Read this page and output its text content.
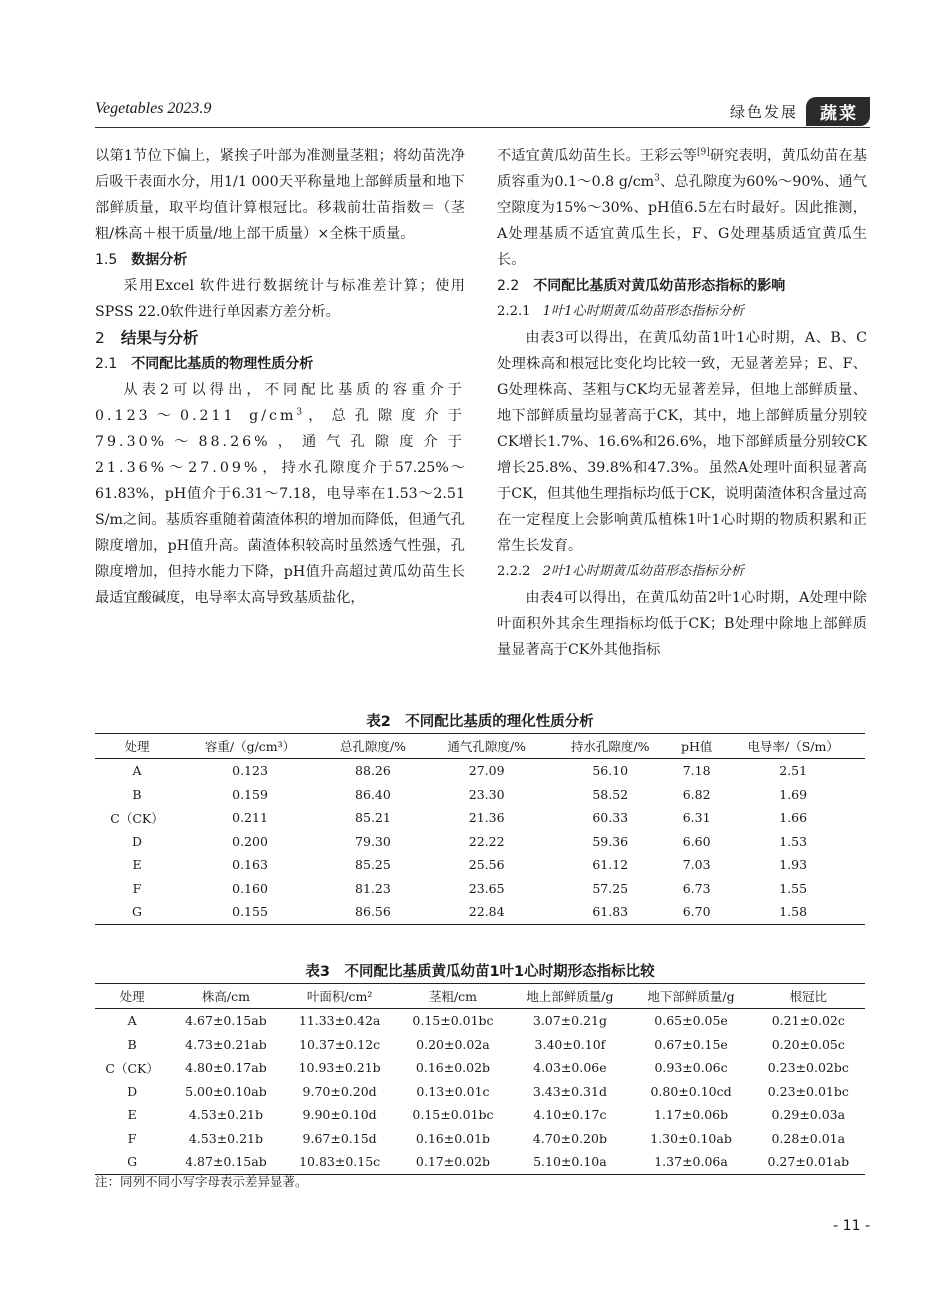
Vegetables 2023.9	绿色发展	蔬菜

以第1节位下偏上，紧挨子叶部为准测量茎粗；将幼苗洗净后吸干表面水分，用1/1 000天平称量地上部鲜质量和地下部鲜质量，取平均值计算根冠比。移栽前壮苗指数＝（茎粗/株高＋根干质量/地上部干质量）×全株干质量。

1.5 数据分析

采用Excel 软件进行数据统计与标准差计算；使用SPSS 22.0软件进行单因素方差分析。

2 结果与分析

2.1 不同配比基质的物理性质分析

从表2可以得出，不同配比基质的容重介于0.123～0.211 $g/cm^3$，总孔隙度介于79.30%～88.26%，通气孔隙度介于21.36%～27.09%，持水孔隙度介于57.25%～61.83%，pH值介于6.31～7.18，电导率在1.53～2.51 S/m之间。基质容重随着菌渣体积的增加而降低，但通气孔隙度增加，pH值升高。菌渣体积较高时虽然透气性强，孔隙度增加，但持水能力下降，pH值升高超过黄瓜幼苗生长最适宜酸碱度，电导率太高导致基质盐化，

不适宜黄瓜幼苗生长。王彩云等[9]研究表明，黄瓜幼苗在基质容重为0.1～0.8 $g/cm^3$、总孔隙度为60%～90%、通气空隙度为15%～30%、pH值6.5左右时最好。因此推测，A处理基质不适宜黄瓜生长，F、G处理基质适宜黄瓜生长。

2.2 不同配比基质对黄瓜幼苗形态指标的影响

2.2.1 1叶1心时期黄瓜幼苗形态指标分析

由表3可以得出，在黄瓜幼苗1叶1心时期，A、B、C处理株高和根冠比变化均比较一致，无显著差异；E、F、G处理株高、茎粗与CK均无显著差异，但地上部鲜质量、地下部鲜质量均显著高于CK，其中，地上部鲜质量分别较CK增长1.7%、16.6%和26.6%，地下部鲜质量分别较CK增长25.8%、39.8%和47.3%。虽然A处理叶面积显著高于CK，但其他生理指标均低于CK，说明菌渣体积含量过高在一定程度上会影响黄瓜植株1叶1心时期的物质积累和正常生长发育。

2.2.2 2叶1心时期黄瓜幼苗形态指标分析

由表4可以得出，在黄瓜幼苗2叶1心时期，A处理中除叶面积外其余生理指标均低于CK；B处理中除地上部鲜质量显著高于CK外其他指标

表2　不同配比基质的理化性质分析
处理	容重/（g/cm³）	总孔隙度/%	通气孔隙度/%	持水孔隙度/%	pH值	电导率/（S/m）
A	0.123	88.26	27.09	56.10	7.18	2.51
B	0.159	86.40	23.30	58.52	6.82	1.69
C（CK）	0.211	85.21	21.36	60.33	6.31	1.66
D	0.200	79.30	22.22	59.36	6.60	1.53
E	0.163	85.25	25.56	61.12	7.03	1.93
F	0.160	81.23	23.65	57.25	6.73	1.55
G	0.155	86.56	22.84	61.83	6.70	1.58
表3　不同配比基质黄瓜幼苗1叶1心时期形态指标比较
处理	株高/cm	叶面积/cm²	茎粗/cm	地上部鲜质量/g	地下部鲜质量/g	根冠比
A	4.67±0.15ab	11.33±0.42a	0.15±0.01bc	3.07±0.21g	0.65±0.05e	0.21±0.02c
B	4.73±0.21ab	10.37±0.12c	0.20±0.02a	3.40±0.10f	0.67±0.15e	0.20±0.05c
C（CK）	4.80±0.17ab	10.93±0.21b	0.16±0.02b	4.03±0.06e	0.93±0.06c	0.23±0.02bc
D	5.00±0.10ab	9.70±0.20d	0.13±0.01c	3.43±0.31d	0.80±0.10cd	0.23±0.01bc
E	4.53±0.21b	9.90±0.10d	0.15±0.01bc	4.10±0.17c	1.17±0.06b	0.29±0.03a
F	4.53±0.21b	9.67±0.15d	0.16±0.01b	4.70±0.20b	1.30±0.10ab	0.28±0.01a
G	4.87±0.15ab	10.83±0.15c	0.17±0.02b	5.10±0.10a	1.37±0.06a	0.27±0.01ab
注：同列不同小写字母表示差异显著。
- 11 -
